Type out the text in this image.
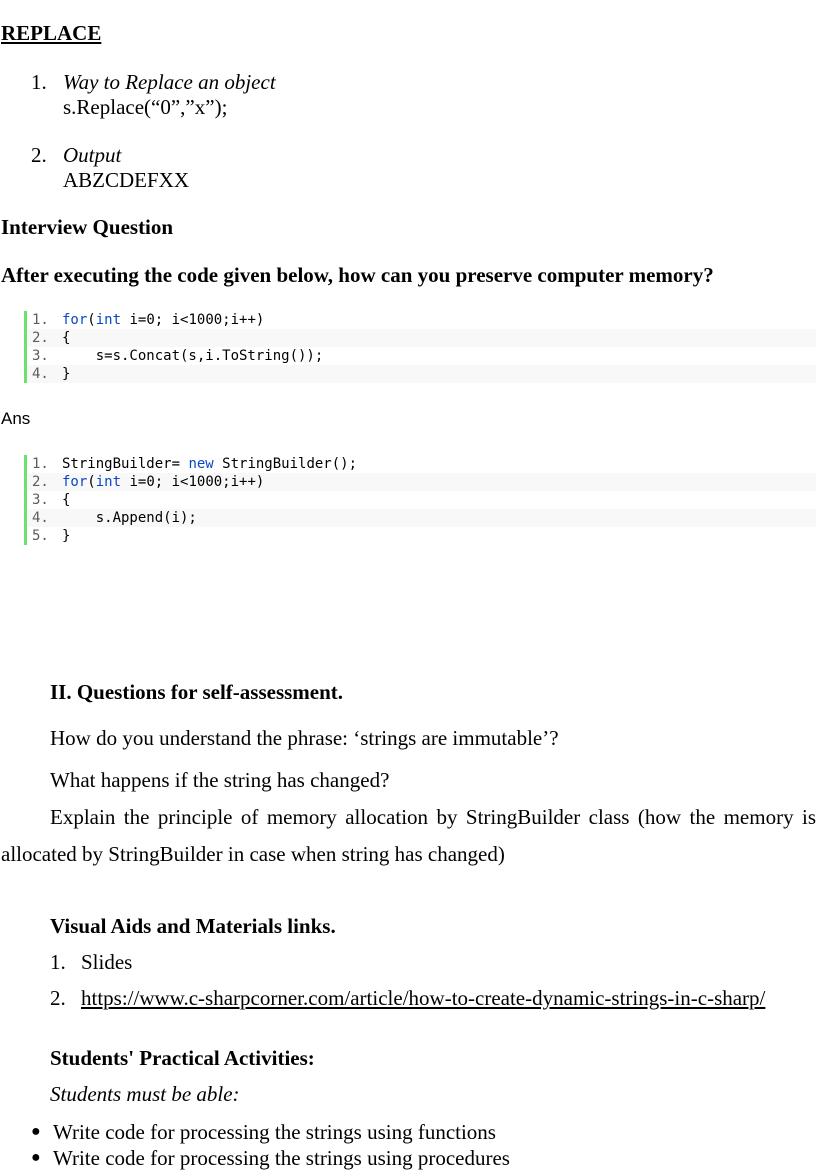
REPLACE
1. Way to Replace an object
s.Replace(“0”,”x”);
2. Output
ABZCDEFXX
Interview Question
After executing the code given below, how can you preserve computer memory?
1. for(int i=0; i<1000;i++)
2. {
3. s=s.Concat(s,i.ToString());
4. }
Ans
1. StringBuilder= new StringBuilder();
2. for(int i=0; i<1000;i++)
3. {
4. s.Append(i);
5. }
II. Questions for self-assessment.
How do you understand the phrase: ‘strings are immutable’?
What happens if the string has changed?
Explain the principle of memory allocation by StringBuilder class (how the memory is
allocated by StringBuilder in case when string has changed)
Visual Aids and Materials links.
1. Slides
2. https://www.c-sharpcorner.com/article/how-to-create-dynamic-strings-in-c-sharp/
Students' Practical Activities:
Students must be able:
● Write code for processing the strings using functions
● Write code for processing the strings using procedures
